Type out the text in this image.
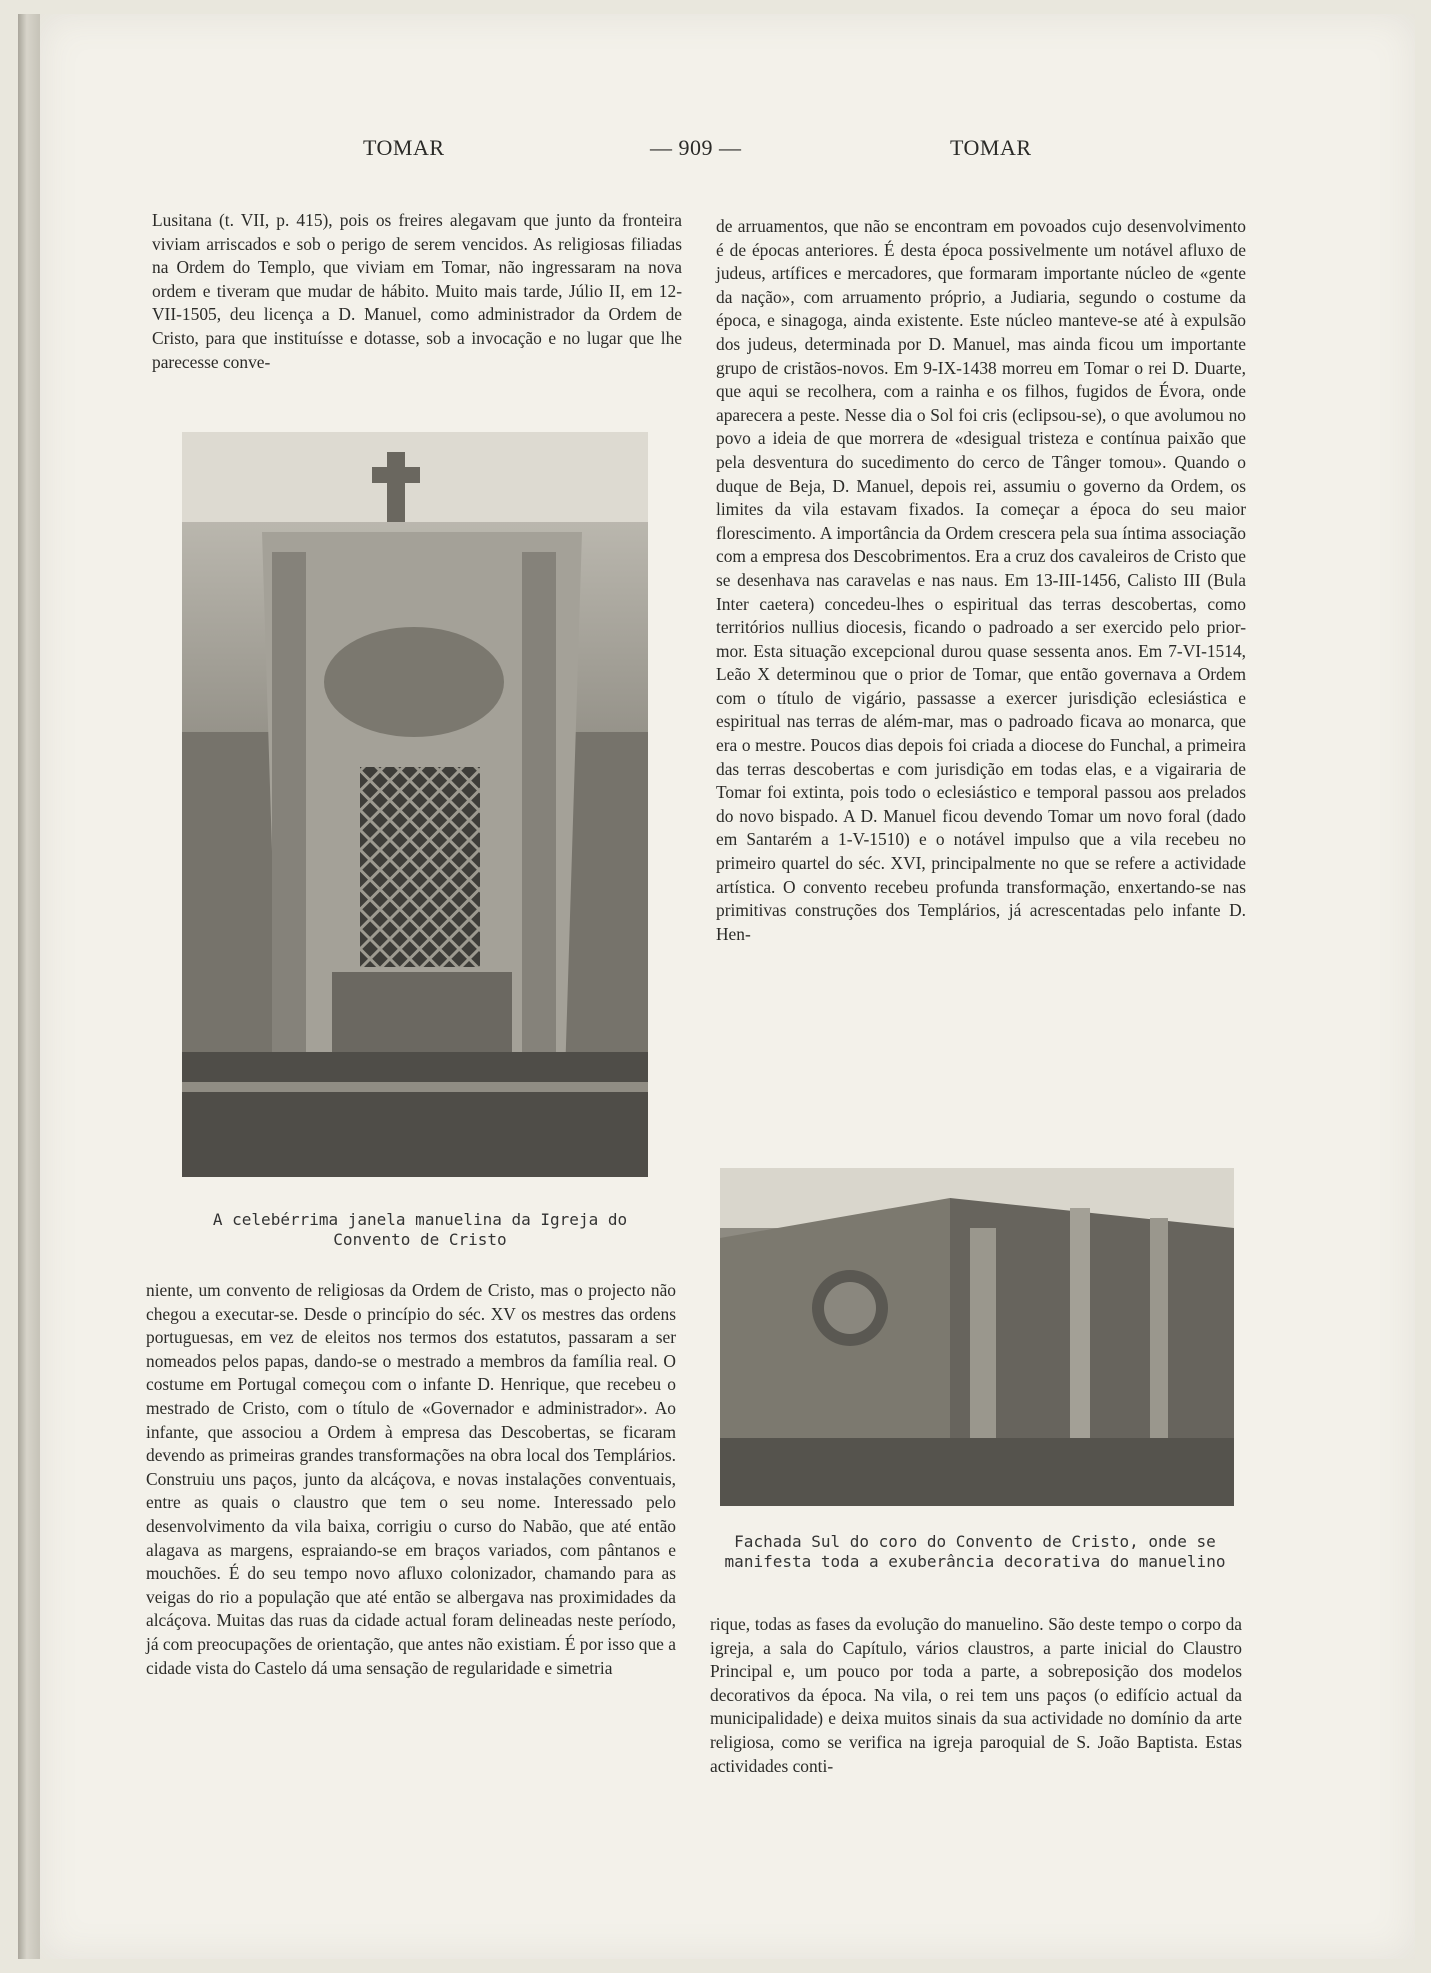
TOMAR	— 909 —	TOMAR

Lusitana (t. VII, p. 415), pois os freires alegavam que junto da fronteira viviam arriscados e sob o perigo de serem vencidos. As religiosas filiadas na Ordem do Templo, que viviam em Tomar, não ingressaram na nova ordem e tiveram que mudar de hábito. Muito mais tarde, Júlio II, em 12-VII-1505, deu licença a D. Manuel, como administrador da Ordem de Cristo, para que instituísse e dotasse, sob a invocação e no lugar que lhe parecesse conve-

A celebérrima janela manuelina da Igreja do Convento de Cristo

niente, um convento de religiosas da Ordem de Cristo, mas o projecto não chegou a executar-se. Desde o princípio do séc. XV os mestres das ordens portuguesas, em vez de eleitos nos termos dos estatutos, passaram a ser nomeados pelos papas, dando-se o mestrado a membros da família real. O costume em Portugal começou com o infante D. Henrique, que recebeu o mestrado de Cristo, com o título de «Governador e administrador». Ao infante, que associou a Ordem à empresa das Descobertas, se ficaram devendo as primeiras grandes transformações na obra local dos Templários. Construiu uns paços, junto da alcáçova, e novas instalações conventuais, entre as quais o claustro que tem o seu nome. Interessado pelo desenvolvimento da vila baixa, corrigiu o curso do Nabão, que até então alagava as margens, espraiando-se em braços variados, com pântanos e mouchões. É do seu tempo novo afluxo colonizador, chamando para as veigas do rio a população que até então se albergava nas proximidades da alcáçova. Muitas das ruas da cidade actual foram delineadas neste período, já com preocupações de orientação, que antes não existiam. É por isso que a cidade vista do Castelo dá uma sensação de regularidade e simetria

de arruamentos, que não se encontram em povoados cujo desenvolvimento é de épocas anteriores. É desta época possivelmente um notável afluxo de judeus, artífices e mercadores, que formaram importante núcleo de «gente da nação», com arruamento próprio, a Judiaria, segundo o costume da época, e sinagoga, ainda existente. Este núcleo manteve-se até à expulsão dos judeus, determinada por D. Manuel, mas ainda ficou um importante grupo de cristãos-novos. Em 9-IX-1438 morreu em Tomar o rei D. Duarte, que aqui se recolhera, com a rainha e os filhos, fugidos de Évora, onde aparecera a peste. Nesse dia o Sol foi cris (eclipsou-se), o que avolumou no povo a ideia de que morrera de «desigual tristeza e contínua paixão que pela desventura do sucedimento do cerco de Tânger tomou». Quando o duque de Beja, D. Manuel, depois rei, assumiu o governo da Ordem, os limites da vila estavam fixados. Ia começar a época do seu maior florescimento. A importância da Ordem crescera pela sua íntima associação com a empresa dos Descobrimentos. Era a cruz dos cavaleiros de Cristo que se desenhava nas caravelas e nas naus. Em 13-III-1456, Calisto III (Bula Inter caetera) concedeu-lhes o espiritual das terras descobertas, como territórios nullius diocesis, ficando o padroado a ser exercido pelo prior-mor. Esta situação excepcional durou quase sessenta anos. Em 7-VI-1514, Leão X determinou que o prior de Tomar, que então governava a Ordem com o título de vigário, passasse a exercer jurisdição eclesiástica e espiritual nas terras de além-mar, mas o padroado ficava ao monarca, que era o mestre. Poucos dias depois foi criada a diocese do Funchal, a primeira das terras descobertas e com jurisdição em todas elas, e a vigairaria de Tomar foi extinta, pois todo o eclesiástico e temporal passou aos prelados do novo bispado. A D. Manuel ficou devendo Tomar um novo foral (dado em Santarém a 1-V-1510) e o notável impulso que a vila recebeu no primeiro quartel do séc. XVI, principalmente no que se refere a actividade artística. O convento recebeu profunda transformação, enxertando-se nas primitivas construções dos Templários, já acrescentadas pelo infante D. Hen-

Fachada Sul do coro do Convento de Cristo, onde se manifesta toda a exuberância decorativa do manuelino

rique, todas as fases da evolução do manuelino. São deste tempo o corpo da igreja, a sala do Capítulo, vários claustros, a parte inicial do Claustro Principal e, um pouco por toda a parte, a sobreposição dos modelos decorativos da época. Na vila, o rei tem uns paços (o edifício actual da municipalidade) e deixa muitos sinais da sua actividade no domínio da arte religiosa, como se verifica na igreja paroquial de S. João Baptista. Estas actividades conti-
